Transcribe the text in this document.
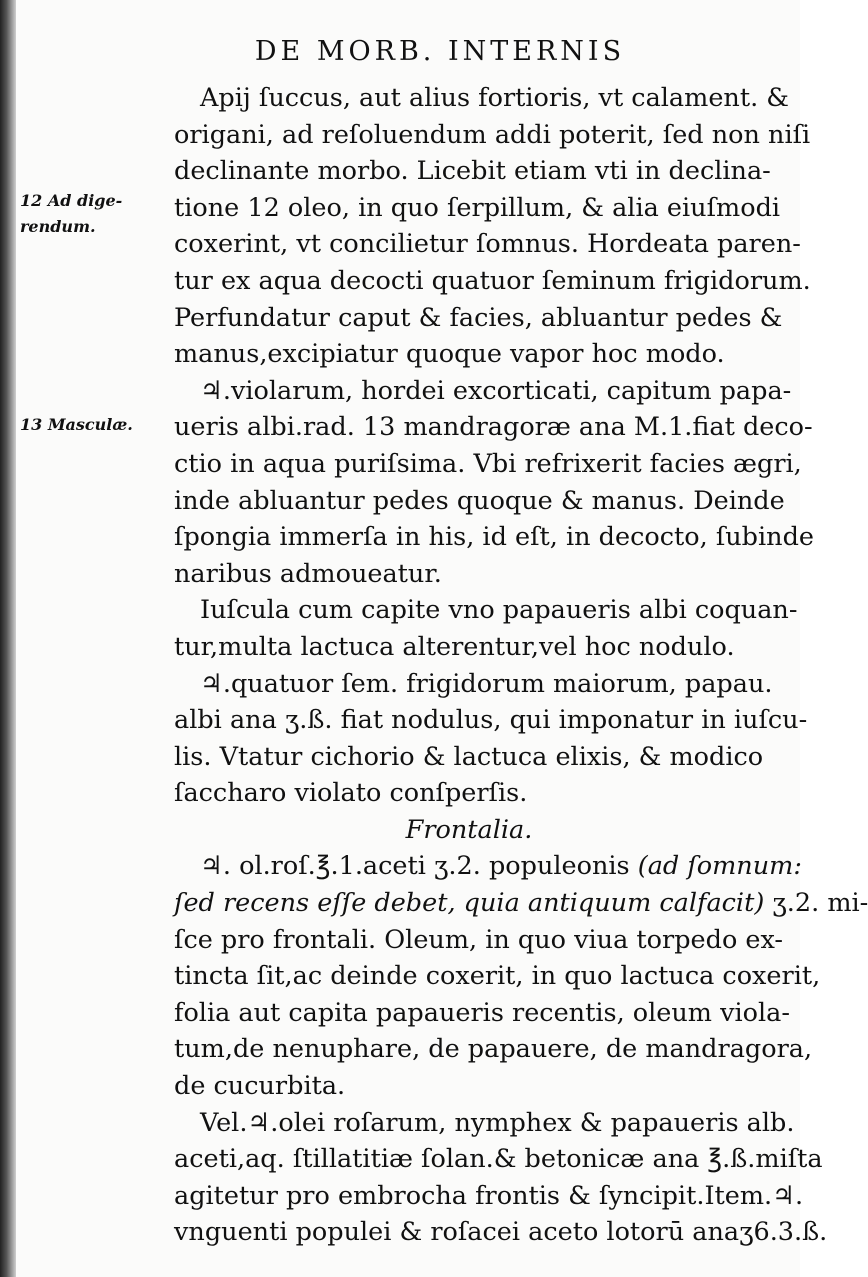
DE MORB. INTERNIS
12 Ad dige-
rendum.
13 Masculæ.
Apij ſuccus, aut alius fortioris, vt calament. &
origani, ad reſoluendum addi poterit, ſed non niſi
declinante morbo. Licebit etiam vti in declina-
tione 12 oleo, in quo ſerpillum, & alia eiuſmodi
coxerint, vt concilietur ſomnus. Hordeata paren-
tur ex aqua decocti quatuor ſeminum frigidorum.
Perfundatur caput & facies, abluantur pedes &
manus,excipiatur quoque vapor hoc modo.
♃.violarum, hordei excorticati, capitum papa-
ueris albi.rad. 13 mandragoræ ana M.1.fiat deco-
ctio in aqua puriſsima. Vbi refrixerit facies ægri,
inde abluantur pedes quoque & manus. Deinde
ſpongia immerſa in his, id eſt, in decocto, ſubinde
naribus admoueatur.
Iuſcula cum capite vno papaueris albi coquan-
tur,multa lactuca alterentur,vel hoc nodulo.
♃.quatuor ſem. frigidorum maiorum, papau.
albi ana ʒ.ß. fiat nodulus, qui imponatur in iuſcu-
lis. Vtatur cichorio & lactuca elixis, & modico
ſaccharo violato conſperſis.
Frontalia.
♃. ol.roſ.℥.1.aceti ʒ.2. populeonis (ad ſomnum:
ſed recens eſſe debet, quia antiquum calfacit) ʒ.2. mi-
ſce pro frontali. Oleum, in quo viua torpedo ex-
tincta ſit,ac deinde coxerit, in quo lactuca coxerit,
folia aut capita papaueris recentis, oleum viola-
tum,de nenuphare, de papauere, de mandragora,
de cucurbita.
Vel.♃.olei roſarum, nymphex & papaueris alb.
aceti,aq. ſtillatitiæ ſolan.& betonicæ ana ℥.ß.miſta
agitetur pro embrocha frontis & ſyncipit.Item.♃.
vnguenti populei & roſacei aceto lotorū anaʒ6.3.ß.
